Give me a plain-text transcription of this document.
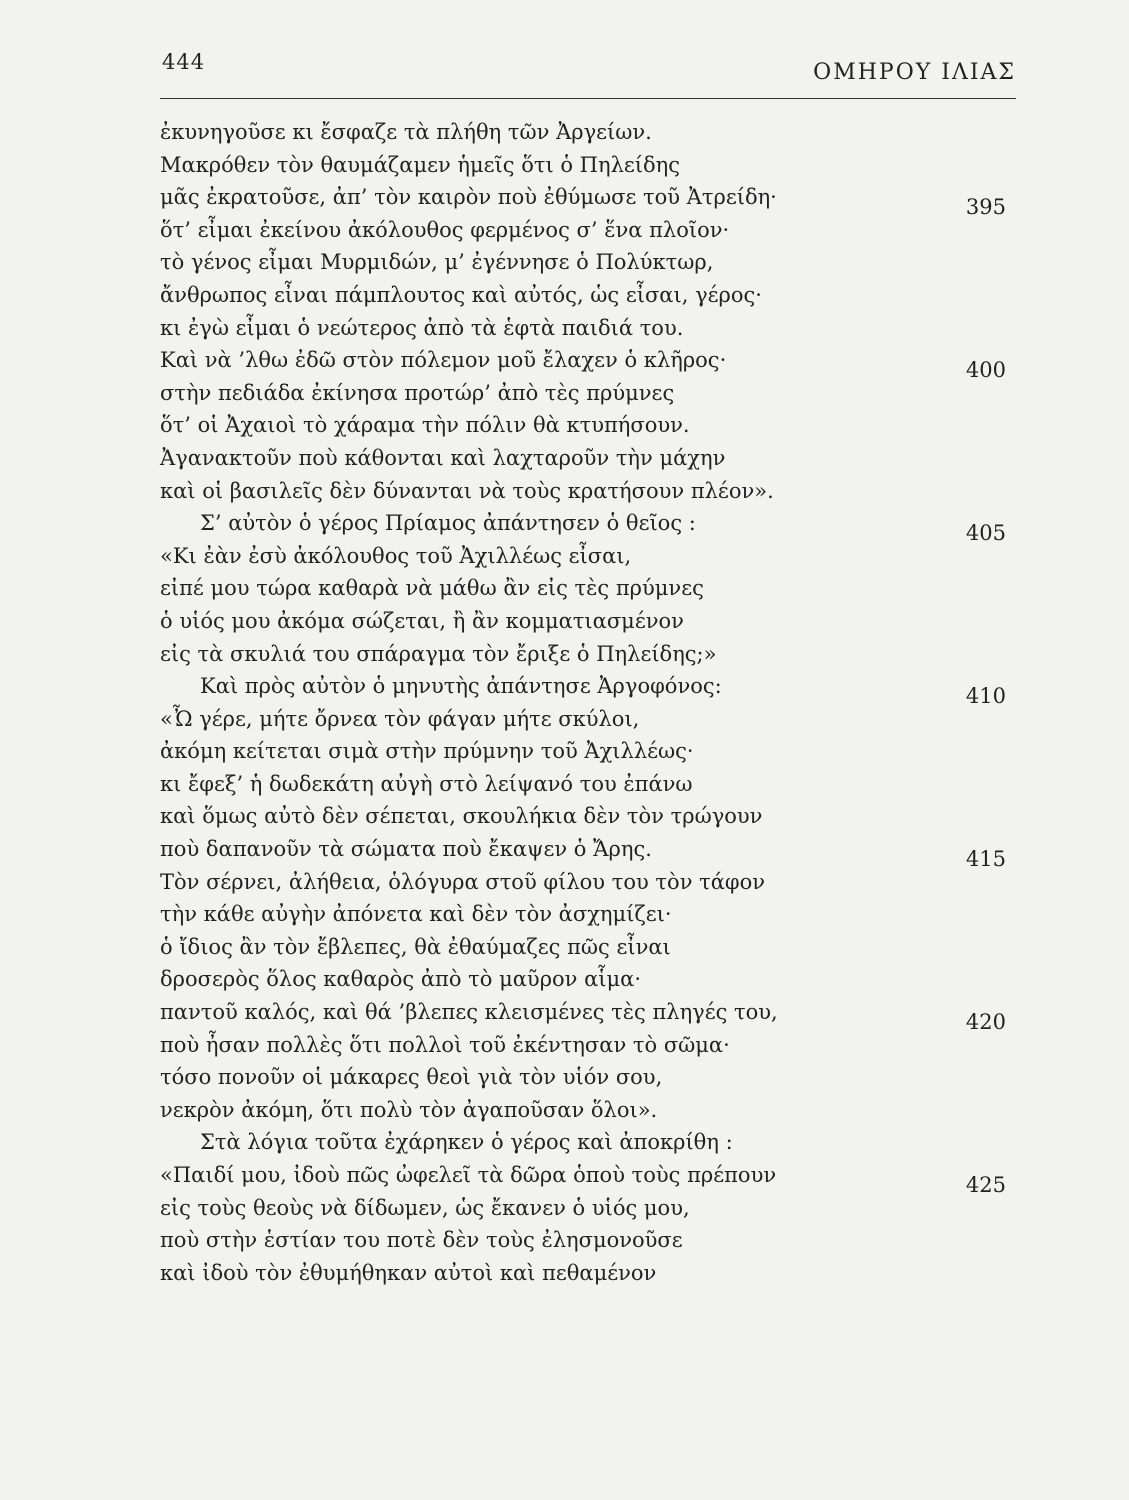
444	ΟΜΗΡΟΥ ΙΛΙΑΣ
ἐκυνηγοῦσε κι ἔσφαζε τὰ πλήθη τῶν Ἀργείων.
Μακρόθεν τὸν θαυμάζαμεν ἡμεῖς ὅτι ὁ Πηλείδης
μᾶς ἐκρατοῦσε, ἀπ’ τὸν καιρὸν ποὺ ἐθύμωσε τοῦ Ἀτρείδη·	395
ὅτ’ εἶμαι ἐκείνου ἀκόλουθος φερμένος σ’ ἕνα πλοῖον·
τὸ γένος εἶμαι Μυρμιδών, μ’ ἐγέννησε ὁ Πολύκτωρ,
ἄνθρωπος εἶναι πάμπλουτος καὶ αὐτός, ὡς εἶσαι, γέρος·
κι ἐγὼ εἶμαι ὁ νεώτερος ἀπὸ τὰ ἑφτὰ παιδιά του.
Καὶ νὰ ’λθω ἐδῶ στὸν πόλεμον μοῦ ἔλαχεν ὁ κλῆρος·	400
στὴν πεδιάδα ἐκίνησα προτώρ’ ἀπὸ τὲς πρύμνες
ὅτ’ οἱ Ἀχαιοὶ τὸ χάραμα τὴν πόλιν θὰ κτυπήσουν.
Ἀγανακτοῦν ποὺ κάθονται καὶ λαχταροῦν τὴν μάχην
καὶ οἱ βασιλεῖς δὲν δύνανται νὰ τοὺς κρατήσουν πλέον».
Σ’ αὐτὸν ὁ γέρος Πρίαμος ἀπάντησεν ὁ θεῖος :	405
«Κι ἐὰν ἐσὺ ἀκόλουθος τοῦ Ἀχιλλέως εἶσαι,
εἰπέ μου τώρα καθαρὰ νὰ μάθω ἂν εἰς τὲς πρύμνες
ὁ υἱός μου ἀκόμα σώζεται, ἢ ἂν κομματιασμένον
εἰς τὰ σκυλιά του σπάραγμα τὸν ἔριξε ὁ Πηλείδης;»
Καὶ πρὸς αὐτὸν ὁ μηνυτὴς ἀπάντησε Ἀργοφόνος:	410
«Ὦ γέρε, μήτε ὄρνεα τὸν φάγαν μήτε σκύλοι,
ἀκόμη κείτεται σιμὰ στὴν πρύμνην τοῦ Ἀχιλλέως·
κι ἔφεξ’ ἡ δωδεκάτη αὐγὴ στὸ λείψανό του ἐπάνω
καὶ ὅμως αὐτὸ δὲν σέπεται, σκουλήκια δὲν τὸν τρώγουν
ποὺ δαπανοῦν τὰ σώματα ποὺ ἔκαψεν ὁ Ἄρης.	415
Τὸν σέρνει, ἀλήθεια, ὁλόγυρα στοῦ φίλου του τὸν τάφον
τὴν κάθε αὐγὴν ἀπόνετα καὶ δὲν τὸν ἀσχημίζει·
ὁ ἴδιος ἂν τὸν ἔβλεπες, θὰ ἐθαύμαζες πῶς εἶναι
δροσερὸς ὅλος καθαρὸς ἀπὸ τὸ μαῦρον αἷμα·
παντοῦ καλός, καὶ θά ’βλεπες κλεισμένες τὲς πληγές του,	420
ποὺ ἦσαν πολλὲς ὅτι πολλοὶ τοῦ ἐκέντησαν τὸ σῶμα·
τόσο πονοῦν οἱ μάκαρες θεοὶ γιὰ τὸν υἱόν σου,
νεκρὸν ἀκόμη, ὅτι πολὺ τὸν ἀγαποῦσαν ὅλοι».
Στὰ λόγια τοῦτα ἐχάρηκεν ὁ γέρος καὶ ἀποκρίθη :
«Παιδί μου, ἰδοὺ πῶς ὠφελεῖ τὰ δῶρα ὁποὺ τοὺς πρέπουν	425
εἰς τοὺς θεοὺς νὰ δίδωμεν, ὡς ἔκανεν ὁ υἱός μου,
ποὺ στὴν ἑστίαν του ποτὲ δὲν τοὺς ἐλησμονοῦσε
καὶ ἰδοὺ τὸν ἐθυμήθηκαν αὐτοὶ καὶ πεθαμένον
